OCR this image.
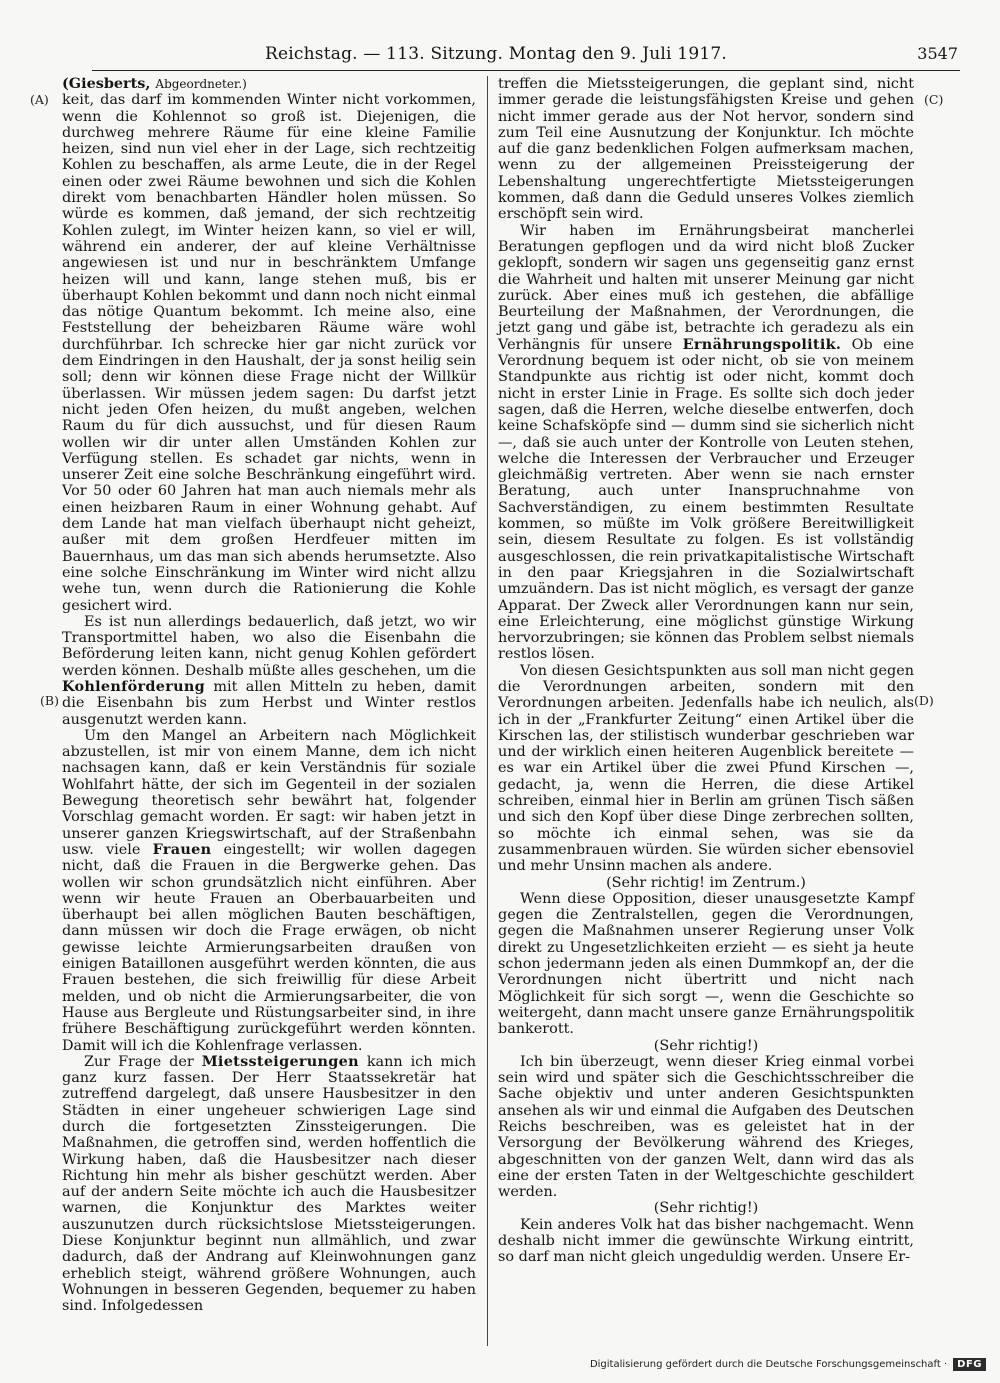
Reichstag. — 113. Sitzung. Montag den 9. Juli 1917.	3547
(A)
(B)
(C)
(D)
(Giesberts, Abgeordneter.)

keit, das darf im kommenden Winter nicht vorkommen, wenn die Kohlennot so groß ist. Diejenigen, die durchweg mehrere Räume für eine kleine Familie heizen, sind nun viel eher in der Lage, sich rechtzeitig Kohlen zu beschaffen, als arme Leute, die in der Regel einen oder zwei Räume bewohnen und sich die Kohlen direkt vom benachbarten Händler holen müssen. So würde es kommen, daß jemand, der sich rechtzeitig Kohlen zulegt, im Winter heizen kann, so viel er will, während ein anderer, der auf kleine Verhältnisse angewiesen ist und nur in beschränktem Umfange heizen will und kann, lange stehen muß, bis er überhaupt Kohlen bekommt und dann noch nicht einmal das nötige Quantum bekommt. Ich meine also, eine Feststellung der beheizbaren Räume wäre wohl durchführbar. Ich schrecke hier gar nicht zurück vor dem Eindringen in den Haushalt, der ja sonst heilig sein soll; denn wir können diese Frage nicht der Willkür überlassen. Wir müssen jedem sagen: Du darfst jetzt nicht jeden Ofen heizen, du mußt angeben, welchen Raum du für dich aussuchst, und für diesen Raum wollen wir dir unter allen Umständen Kohlen zur Verfügung stellen. Es schadet gar nichts, wenn in unserer Zeit eine solche Beschränkung eingeführt wird. Vor 50 oder 60 Jahren hat man auch niemals mehr als einen heizbaren Raum in einer Wohnung gehabt. Auf dem Lande hat man vielfach überhaupt nicht geheizt, außer mit dem großen Herdfeuer mitten im Bauernhaus, um das man sich abends herumsetzte. Also eine solche Einschränkung im Winter wird nicht allzu wehe tun, wenn durch die Rationierung die Kohle gesichert wird.

Es ist nun allerdings bedauerlich, daß jetzt, wo wir Transportmittel haben, wo also die Eisenbahn die Beförderung leiten kann, nicht genug Kohlen gefördert werden können. Deshalb müßte alles geschehen, um die Kohlenförderung mit allen Mitteln zu heben, damit die Eisenbahn bis zum Herbst und Winter restlos ausgenutzt werden kann.

Um den Mangel an Arbeitern nach Möglichkeit abzustellen, ist mir von einem Manne, dem ich nicht nachsagen kann, daß er kein Verständnis für soziale Wohlfahrt hätte, der sich im Gegenteil in der sozialen Bewegung theoretisch sehr bewährt hat, folgender Vorschlag gemacht worden. Er sagt: wir haben jetzt in unserer ganzen Kriegswirtschaft, auf der Straßenbahn usw. viele Frauen eingestellt; wir wollen dagegen nicht, daß die Frauen in die Bergwerke gehen. Das wollen wir schon grundsätzlich nicht einführen. Aber wenn wir heute Frauen an Oberbauarbeiten und überhaupt bei allen möglichen Bauten beschäftigen, dann müssen wir doch die Frage erwägen, ob nicht gewisse leichte Armierungsarbeiten draußen von einigen Bataillonen ausgeführt werden könnten, die aus Frauen bestehen, die sich freiwillig für diese Arbeit melden, und ob nicht die Armierungsarbeiter, die von Hause aus Bergleute und Rüstungsarbeiter sind, in ihre frühere Beschäftigung zurückgeführt werden könnten. Damit will ich die Kohlenfrage verlassen.

Zur Frage der Mietssteigerungen kann ich mich ganz kurz fassen. Der Herr Staatssekretär hat zutreffend dargelegt, daß unsere Hausbesitzer in den Städten in einer ungeheuer schwierigen Lage sind durch die fortgesetzten Zinssteigerungen. Die Maßnahmen, die getroffen sind, werden hoffentlich die Wirkung haben, daß die Hausbesitzer nach dieser Richtung hin mehr als bisher geschützt werden. Aber auf der andern Seite möchte ich auch die Hausbesitzer warnen, die Konjunktur des Marktes weiter auszunutzen durch rücksichtslose Mietssteigerungen. Diese Konjunktur beginnt nun allmählich, und zwar dadurch, daß der Andrang auf Kleinwohnungen ganz erheblich steigt, während größere Wohnungen, auch Wohnungen in besseren Gegenden, bequemer zu haben sind. Infolgedessen

treffen die Mietssteigerungen, die geplant sind, nicht immer gerade die leistungsfähigsten Kreise und gehen nicht immer gerade aus der Not hervor, sondern sind zum Teil eine Ausnutzung der Konjunktur. Ich möchte auf die ganz bedenklichen Folgen aufmerksam machen, wenn zu der allgemeinen Preissteigerung der Lebenshaltung ungerechtfertigte Mietssteigerungen kommen, daß dann die Geduld unseres Volkes ziemlich erschöpft sein wird.

Wir haben im Ernährungsbeirat mancherlei Beratungen gepflogen und da wird nicht bloß Zucker geklopft, sondern wir sagen uns gegenseitig ganz ernst die Wahrheit und halten mit unserer Meinung gar nicht zurück. Aber eines muß ich gestehen, die abfällige Beurteilung der Maßnahmen, der Verordnungen, die jetzt gang und gäbe ist, betrachte ich geradezu als ein Verhängnis für unsere Ernährungspolitik. Ob eine Verordnung bequem ist oder nicht, ob sie von meinem Standpunkte aus richtig ist oder nicht, kommt doch nicht in erster Linie in Frage. Es sollte sich doch jeder sagen, daß die Herren, welche dieselbe entwerfen, doch keine Schafsköpfe sind — dumm sind sie sicherlich nicht —, daß sie auch unter der Kontrolle von Leuten stehen, welche die Interessen der Verbraucher und Erzeuger gleichmäßig vertreten. Aber wenn sie nach ernster Beratung, auch unter Inanspruchnahme von Sachverständigen, zu einem bestimmten Resultate kommen, so müßte im Volk größere Bereitwilligkeit sein, diesem Resultate zu folgen. Es ist vollständig ausgeschlossen, die rein privatkapitalistische Wirtschaft in den paar Kriegsjahren in die Sozialwirtschaft umzuändern. Das ist nicht möglich, es versagt der ganze Apparat. Der Zweck aller Verordnungen kann nur sein, eine Erleichterung, eine möglichst günstige Wirkung hervorzubringen; sie können das Problem selbst niemals restlos lösen.

Von diesen Gesichtspunkten aus soll man nicht gegen die Verordnungen arbeiten, sondern mit den Verordnungen arbeiten. Jedenfalls habe ich neulich, als ich in der „Frankfurter Zeitung“ einen Artikel über die Kirschen las, der stilistisch wunderbar geschrieben war und der wirklich einen heiteren Augenblick bereitete — es war ein Artikel über die zwei Pfund Kirschen —, gedacht, ja, wenn die Herren, die diese Artikel schreiben, einmal hier in Berlin am grünen Tisch säßen und sich den Kopf über diese Dinge zerbrechen sollten, so möchte ich einmal sehen, was sie da zusammenbrauen würden. Sie würden sicher ebensoviel und mehr Unsinn machen als andere.

(Sehr richtig! im Zentrum.)

Wenn diese Opposition, dieser unausgesetzte Kampf gegen die Zentralstellen, gegen die Verordnungen, gegen die Maßnahmen unserer Regierung unser Volk direkt zu Ungesetzlichkeiten erzieht — es sieht ja heute schon jedermann jeden als einen Dummkopf an, der die Verordnungen nicht übertritt und nicht nach Möglichkeit für sich sorgt —, wenn die Geschichte so weitergeht, dann macht unsere ganze Ernährungspolitik bankerott.

(Sehr richtig!)

Ich bin überzeugt, wenn dieser Krieg einmal vorbei sein wird und später sich die Geschichtsschreiber die Sache objektiv und unter anderen Gesichtspunkten ansehen als wir und einmal die Aufgaben des Deutschen Reichs beschreiben, was es geleistet hat in der Versorgung der Bevölkerung während des Krieges, abgeschnitten von der ganzen Welt, dann wird das als eine der ersten Taten in der Weltgeschichte geschildert werden.

(Sehr richtig!)

Kein anderes Volk hat das bisher nachgemacht. Wenn deshalb nicht immer die gewünschte Wirkung eintritt, so darf man nicht gleich ungeduldig werden. Unsere Er-

Digitalisierung gefördert durch die Deutsche Forschungsgemeinschaft ·	DFG
